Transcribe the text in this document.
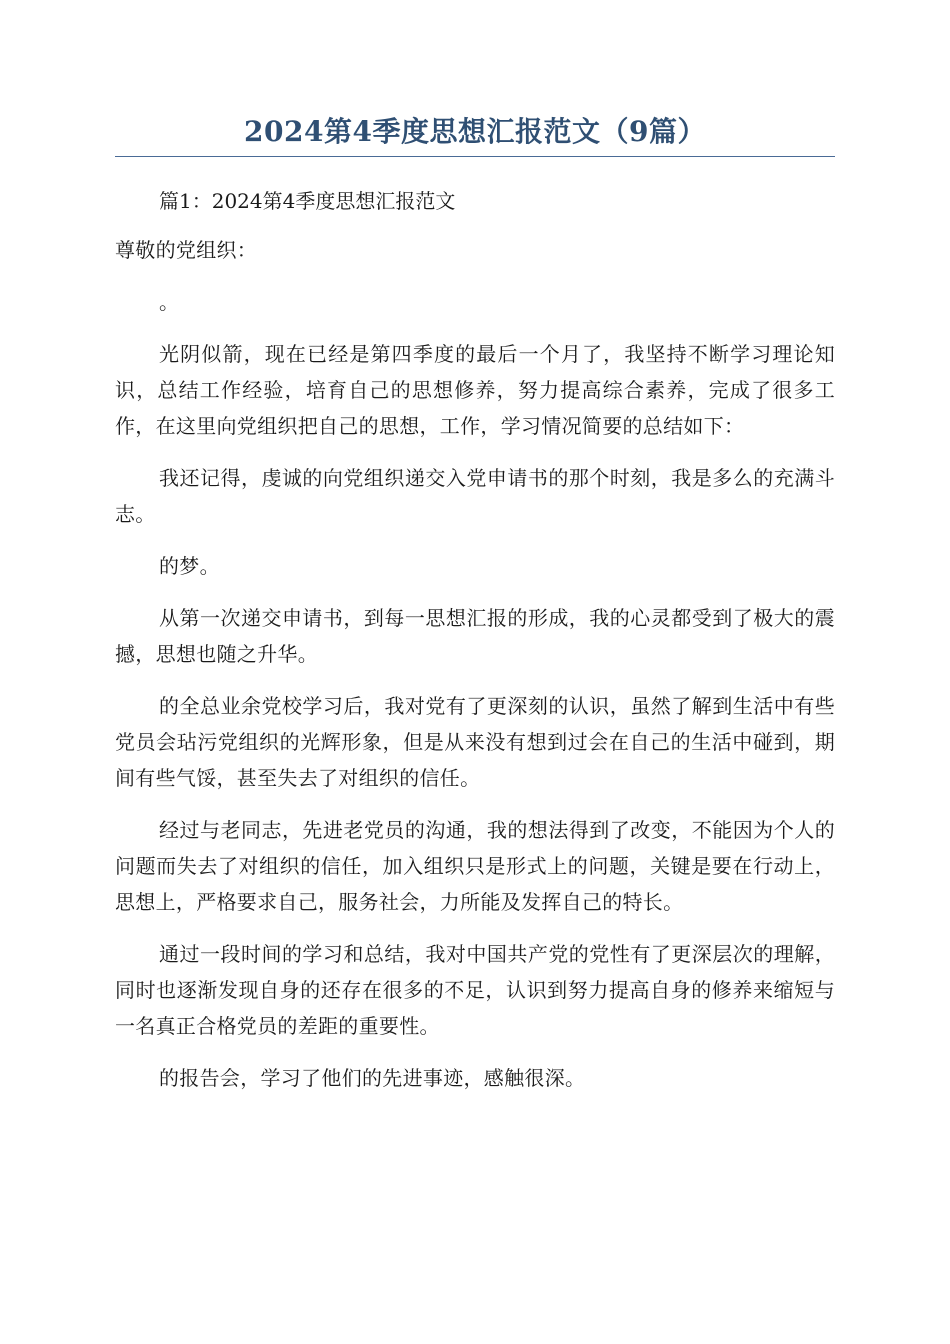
2024第4季度思想汇报范文（9篇）

篇1：2024第4季度思想汇报范文

尊敬的党组织：

。

光阴似箭，现在已经是第四季度的最后一个月了，我坚持不断学习理论知识，总结工作经验，培育自己的思想修养，努力提高综合素养，完成了很多工作，在这里向党组织把自己的思想，工作，学习情况简要的总结如下：

我还记得，虔诚的向党组织递交入党申请书的那个时刻，我是多么的充满斗志。

的梦。

从第一次递交申请书，到每一思想汇报的形成，我的心灵都受到了极大的震撼，思想也随之升华。

的全总业余党校学习后，我对党有了更深刻的认识，虽然了解到生活中有些党员会玷污党组织的光辉形象，但是从来没有想到过会在自己的生活中碰到，期间有些气馁，甚至失去了对组织的信任。

经过与老同志，先进老党员的沟通，我的想法得到了改变，不能因为个人的问题而失去了对组织的信任，加入组织只是形式上的问题，关键是要在行动上，思想上，严格要求自己，服务社会，力所能及发挥自己的特长。

通过一段时间的学习和总结，我对中国共产党的党性有了更深层次的理解，同时也逐渐发现自身的还存在很多的不足，认识到努力提高自身的修养来缩短与一名真正合格党员的差距的重要性。

的报告会，学习了他们的先进事迹，感触很深。
